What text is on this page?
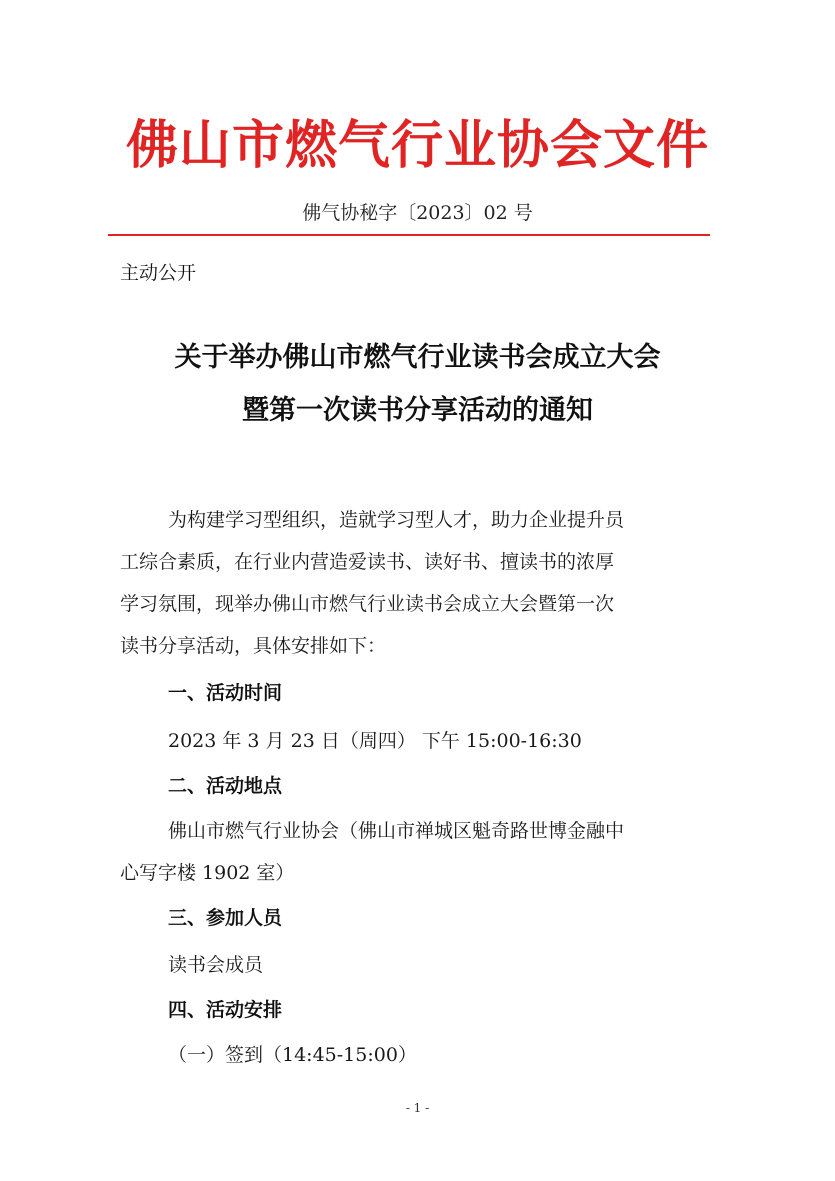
佛山市燃气行业协会文件
佛气协秘字〔2023〕02 号
主动公开
关于举办佛山市燃气行业读书会成立大会
暨第一次读书分享活动的通知
为构建学习型组织，造就学习型人才，助力企业提升员
工综合素质，在行业内营造爱读书、读好书、擅读书的浓厚
学习氛围，现举办佛山市燃气行业读书会成立大会暨第一次
读书分享活动，具体安排如下：
一、活动时间
2023 年 3 月 23 日（周四） 下午 15:00-16:30
二、活动地点
佛山市燃气行业协会（佛山市禅城区魁奇路世博金融中
心写字楼 1902 室）
三、参加人员
读书会成员
四、活动安排
（一）签到（14:45-15:00）
- 1 -
